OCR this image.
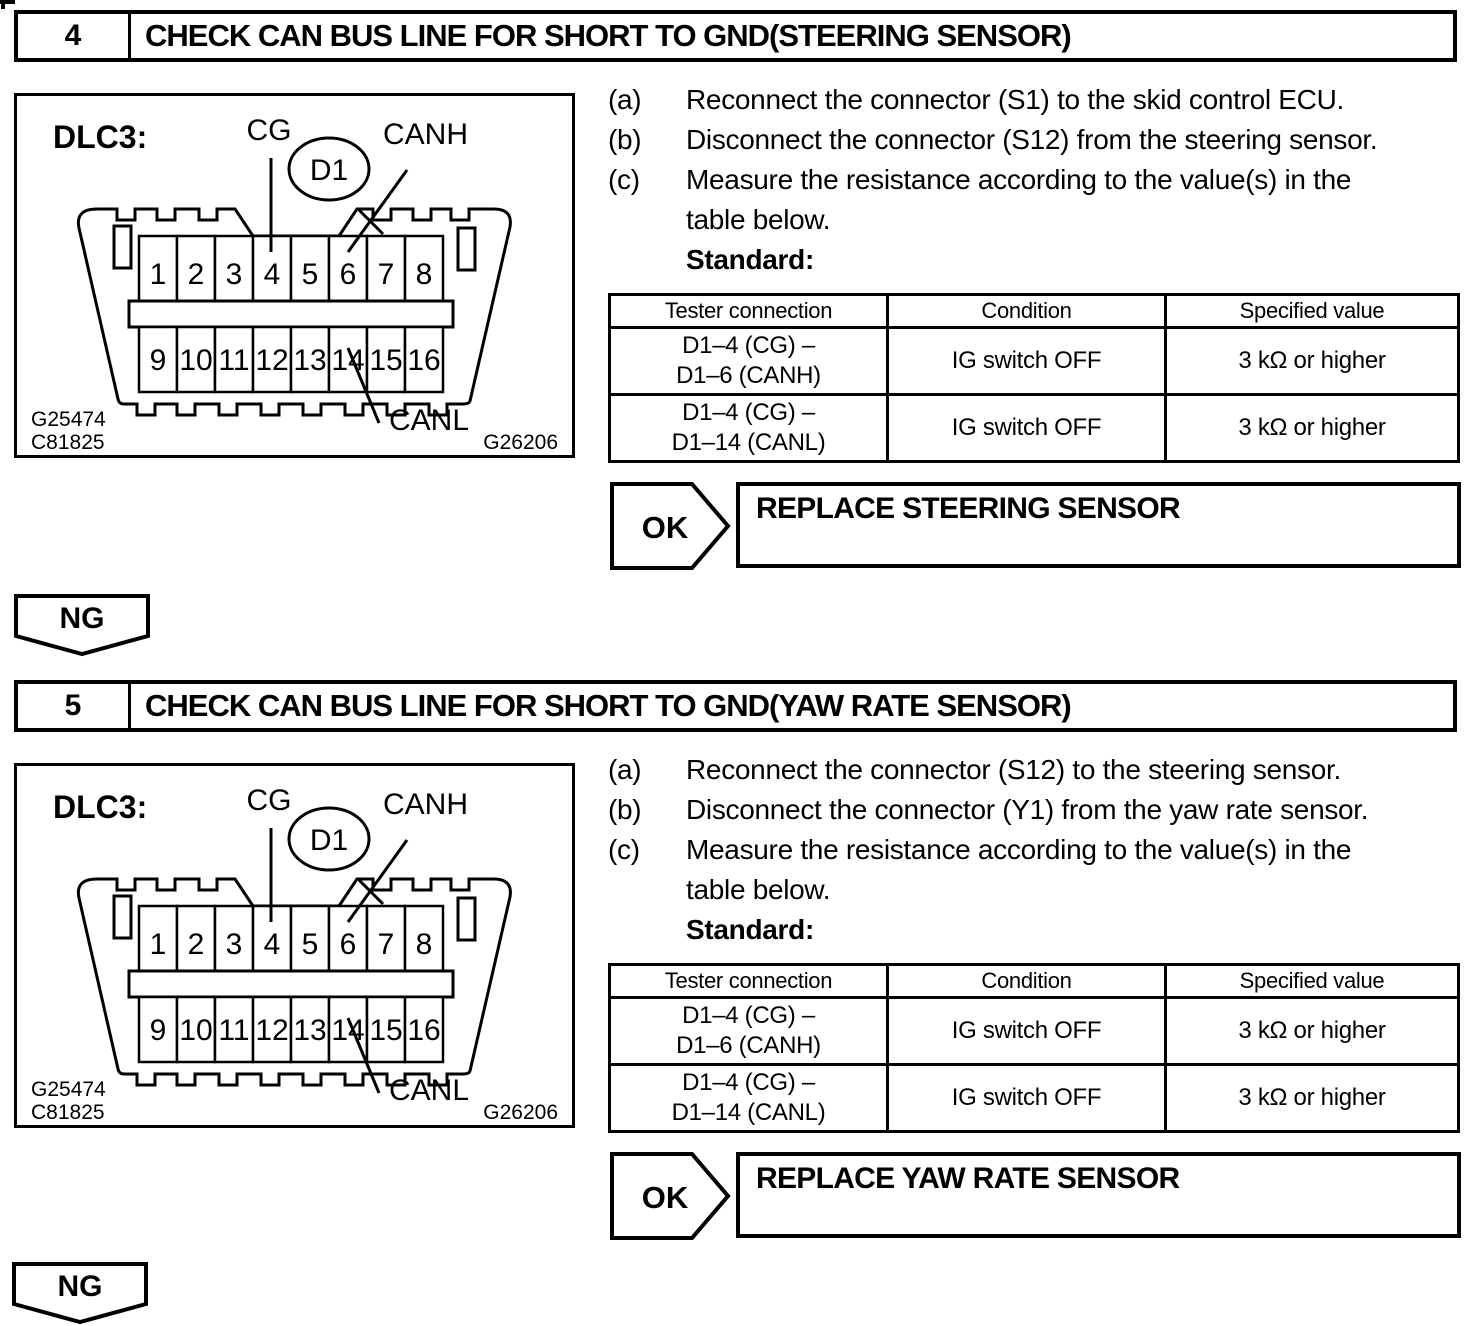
4	CHECK CAN BUS LINE FOR SHORT TO GND(STEERING SENSOR)
(a)	Reconnect the connector (S1) to the skid control ECU.
(b)	Disconnect the connector (S12) from the steering sensor.
(c)	Measure the resistance according to the value(s) in the table below.
Standard:
Tester connection	Condition	Specified value

D1–4 (CG) –
D1–6 (CANH)	IG switch OFF	3 kΩ or higher

D1–4 (CG) –
D1–14 (CANL)	IG switch OFF	3 kΩ or higher
OK
REPLACE STEERING SENSOR
NG
5	CHECK CAN BUS LINE FOR SHORT TO GND(YAW RATE SENSOR)
(a)	Reconnect the connector (S12) to the steering sensor.
(b)	Disconnect the connector (Y1) from the yaw rate sensor.
(c)	Measure the resistance according to the value(s) in the table below.
Standard:
Tester connection	Condition	Specified value

D1–4 (CG) –
D1–6 (CANH)	IG switch OFF	3 kΩ or higher

D1–4 (CG) –
D1–14 (CANL)	IG switch OFF	3 kΩ or higher
OK
REPLACE YAW RATE SENSOR
NG
